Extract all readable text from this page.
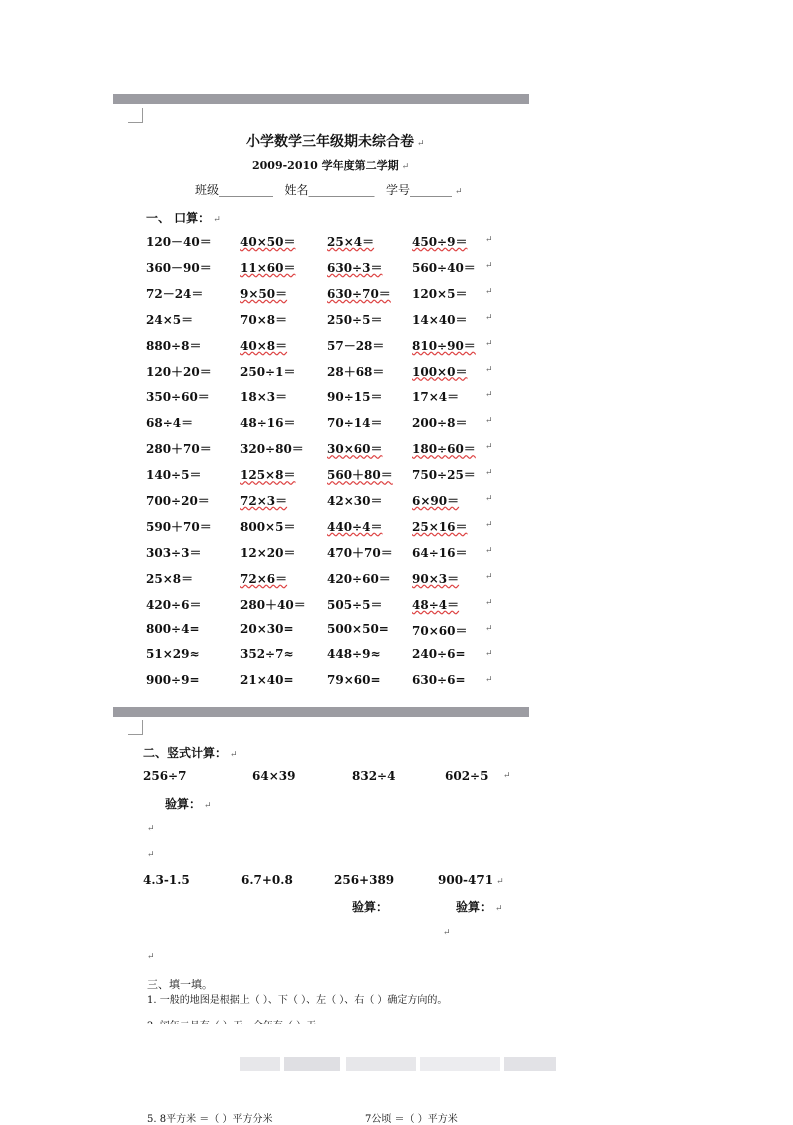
小学数学三年级期未综合卷 ↵
2009-2010 学年度第二学期 ↵
班级_________ 姓名___________ 学号_______ ↵
一、 口算： ↵
120－40＝ 40×50＝	25×4＝	450÷9＝ ↵
360－90＝ 11×60＝	630÷3＝ 560÷40＝ ↵
72－24＝	9×50＝	630÷70＝ 120×5＝ ↵
24×5＝	70×8＝	250÷5＝ 14×40＝ ↵
880÷8＝	40×8＝	57－28＝ 810÷90＝ ↵
120＋20＝ 250÷1＝	28＋68＝ 100×0＝ ↵
350÷60＝	18×3＝	90÷15＝ 17×4＝	↵
68÷4＝	48÷16＝	70÷14＝ 200÷8＝ ↵
280＋70＝ 320÷80＝ 30×60＝ 180÷60＝ ↵
140÷5＝	125×8＝	560＋80＝ 750÷25＝ ↵
700÷20＝	72×3＝	42×30＝ 6×90＝	↵
590＋70＝ 800×5＝	440÷4＝ 25×16＝ ↵
303÷3＝	12×20＝	470＋70＝ 64÷16＝ ↵
25×8＝	72×6＝	420÷60＝ 90×3＝	↵
420÷6＝	280＋40＝ 505÷5＝ 48÷4＝	↵
800÷4=	20×30=	500×50= 70×60＝ ↵
51×29≈	352÷7≈	448÷9≈	240÷6= ↵
900÷9=	21×40=	79×60=	630÷6= ↵
二、竖式计算： ↵
256÷7	64×39	832÷4	602÷5 ↵
验算： ↵
↵
↵
4.3-1.5	6.7+0.8	256+389	900-471 ↵
验算：	验算： ↵
↵
↵
三、填一填。
1. 一般的地图是根据上（ ）、下（ ）、左（ ）、右（ ）确定方向的。
5. 8平方米 ＝（ ）平方分米	7公顷 ＝（ ）平方米
